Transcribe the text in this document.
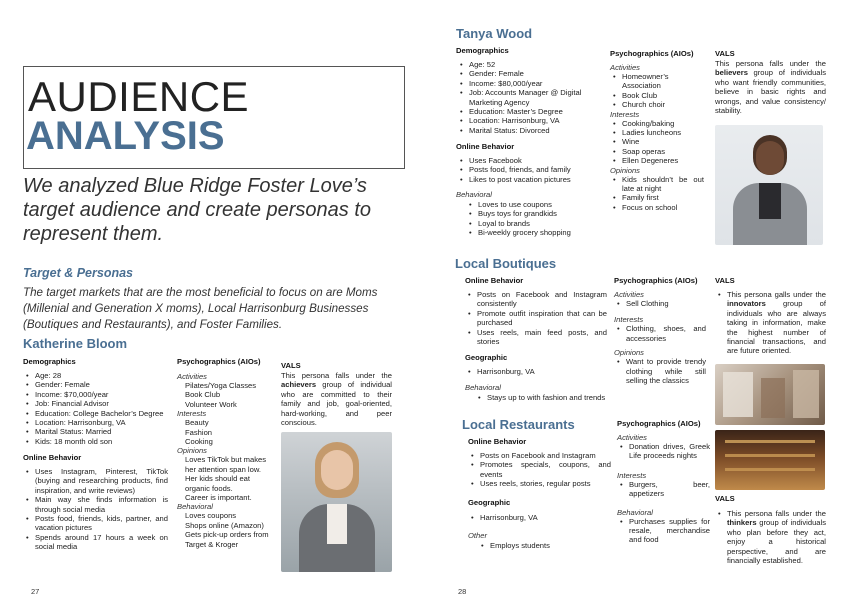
AUDIENCE
ANALYSIS
We analyzed Blue Ridge Foster Love’s target audience and create personas to represent them.
Target & Personas
The target markets that are the most beneficial to focus on are Moms (Millenial and Generation X moms), Local Harrisonburg Businesses (Boutiques and Restaurants), and Foster Families.
Katherine Bloom
Demographics
• Age: 28
• Gender: Female
• Income: $70,000/year
• Job: Financial Advisor
• Education: College Bachelor’s Degree
• Location: Harrisonburg, VA
• Marital Status: Married
• Kids: 18 month old son
Online Behavior
• Uses Instagram, Pinterest, TikTok (buying and researching products, find inspiration, and write reviews)
• Main way she finds information is through social media
• Posts food, friends, kids, partner, and vacation pictures
• Spends around 17 hours a week on social media
Psychographics (AIOs)
Activities
Pilates/Yoga Classes
Book Club
Volunteer Work
Interests
Beauty
Fashion
Cooking
Opinions
Loves TikTok but makes her attention span low.
Her kids should eat organic foods.
Career is important.
Behavioral
Loves coupons
Shops online (Amazon)
Gets pick-up orders from Target & Kroger
VALS
This persona falls under the achievers group of individual who are committed to their family and job, goal-oriented, hard-working, and peer conscious.
27
Tanya Wood
Demographics
• Age: 52
• Gender: Female
• Income: $80,000/year
• Job: Accounts Manager @ Digital Marketing Agency
• Education: Master’s Degree
• Location: Harrisonburg, VA
• Marital Status: Divorced
Online Behavior
• Uses Facebook
• Posts food, friends, and family
• Likes to post vacation pictures
Behavioral
• Loves to use coupons
• Buys toys for grandkids
• Loyal to brands
• Bi-weekly grocery shopping
Psychographics (AIOs)
Activities
• Homeowner’s Association
• Book Club
• Church choir
Interests
• Cooking/baking
• Ladies luncheons
• Wine
• Soap operas
• Ellen Degeneres
Opinions
• Kids shouldn’t be out late at night
• Family first
• Focus on school
VALS
This persona falls under the believers group of individuals who want friendly communities, believe in basic rights and wrongs, and value consistency/ stability.
Local Boutiques
Online Behavior
• Posts on Facebook and Instagram consistently
• Promote outfit inspiration that can be purchased
• Uses reels, main feed posts, and stories
Geographic
• Harrisonburg, VA
Behavioral
• Stays up to with fashion and trends
Psychographics (AIOs)
Activities
• Sell Clothing
Interests
• Clothing, shoes, and accessories
Opinions
• Want to provide trendy clothing while still selling the classics
VALS
• This persona galls under the innovators group of individuals who are always taking in information, make the highest number of financial transactions, and are future oriented.
Local Restaurants
Online Behavior
• Posts on Facebook and Instagram
• Promotes specials, coupons, and events
• Uses reels, stories, regular posts
Geographic
• Harrisonburg, VA
Other
• Employs students
Psychographics (AIOs)
Activities
• Donation drives, Greek Life proceeds nights
Interests
• Burgers, beer, appetizers
Behavioral
• Purchases supplies for resale, merchandise and food
VALS
• This persona falls under the thinkers group of individuals who plan before they act, enjoy a historical perspective, and are financially established.
28
